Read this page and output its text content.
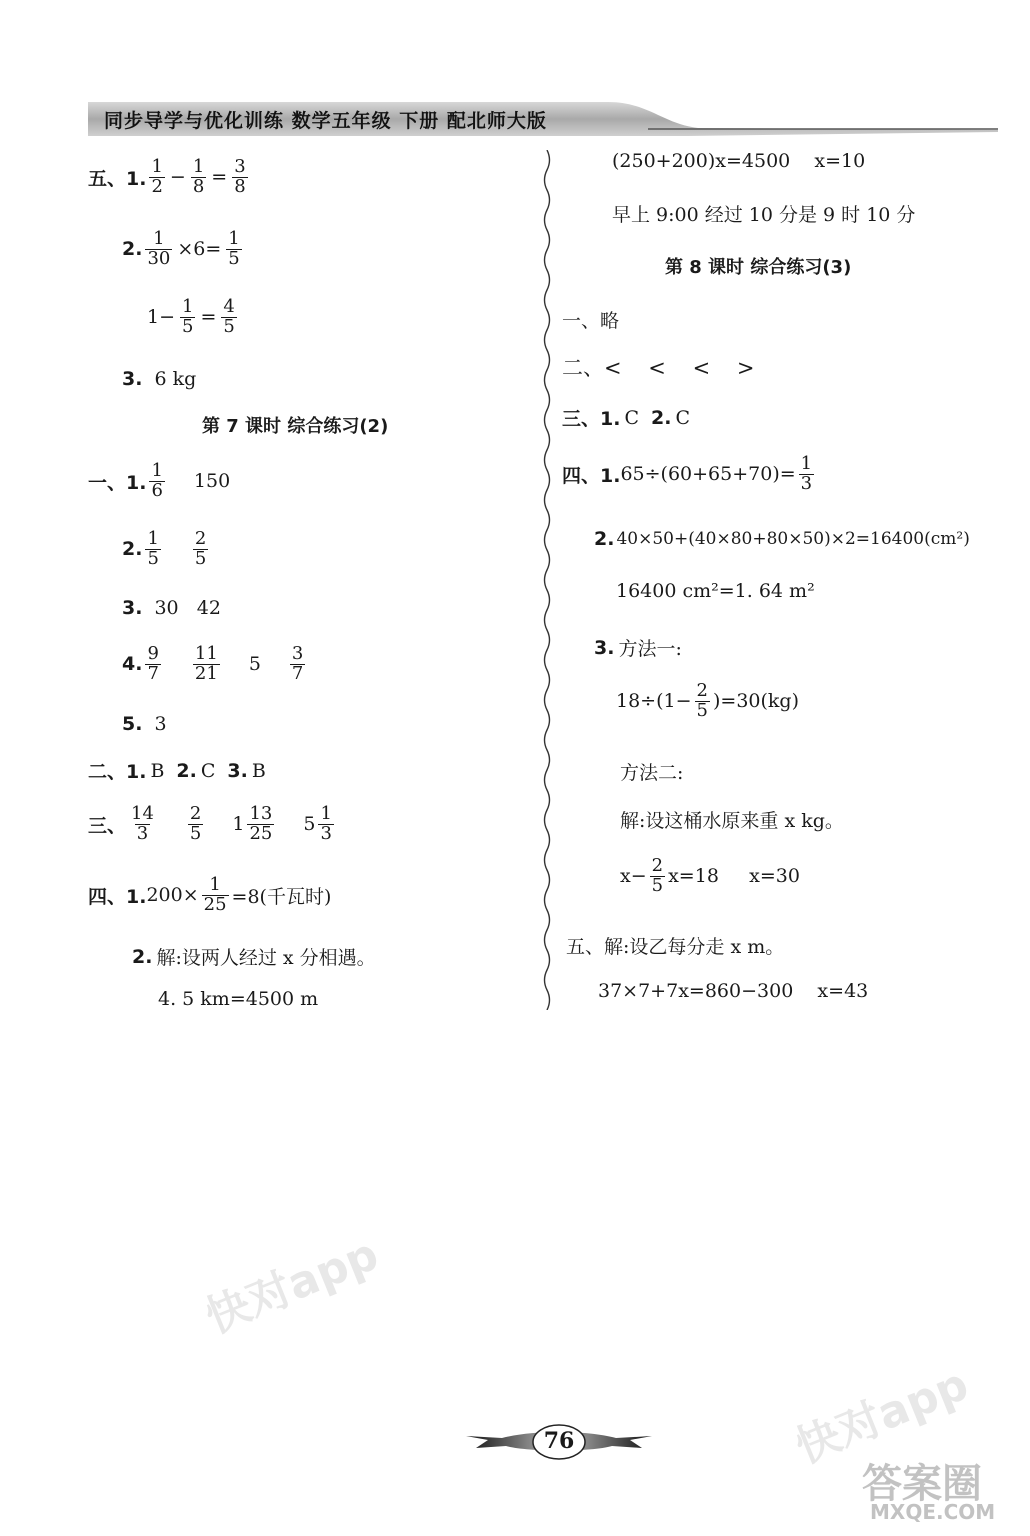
同步导学与优化训练 数学五年级 下册 配北师大版
五、1. $\frac{1}{2} - \frac{1}{8} = \frac{3}{8}$
2. $\frac{1}{30} \times 6= \frac{1}{5}$
$1- \frac{1}{5} = \frac{4}{5}$
3. 6 kg
第 7 课时 综合练习(2)
一、1. $\frac{1}{6} 150$
2. $\frac{1}{5} \frac{2}{5}$
3. 30   42
4. $\frac{9}{7} \frac{11}{21} 5 \frac{3}{7}$
5. 3
二、1. B 2. C 3. B
三、 $\frac{14}{3} \frac{2}{5} 1 \frac{13}{25} 5 \frac{1}{3}$
四、1. $200\times \frac{1}{25} =8$(千瓦时)
2. 解:设两人经过 x 分相遇。
4. 5 km=4500 m
(250+200)x=4500    x=10
早上 9:00 经过 10 分是 9 时 10 分
第 8 课时 综合练习(3)
一、略
二、<    <    <    >
三、1. C 2. C
四、1. $65\div(60+65+70)= \frac{1}{3}$
2. 40×50+(40×80+80×50)×2=16400(cm²)
16400 cm²=1. 64 m²
3. 方法一:
$18\div(1- \frac{2}{5} )=30(kg)$
方法二:
解:设这桶水原来重 x kg。
$x- \frac{2}{5} x=18$     x=30
五、解:设乙每分走 x m。
37×7+7x=860−300    x=43
快对app
快对app
答案圈
MXQE.COM
76
